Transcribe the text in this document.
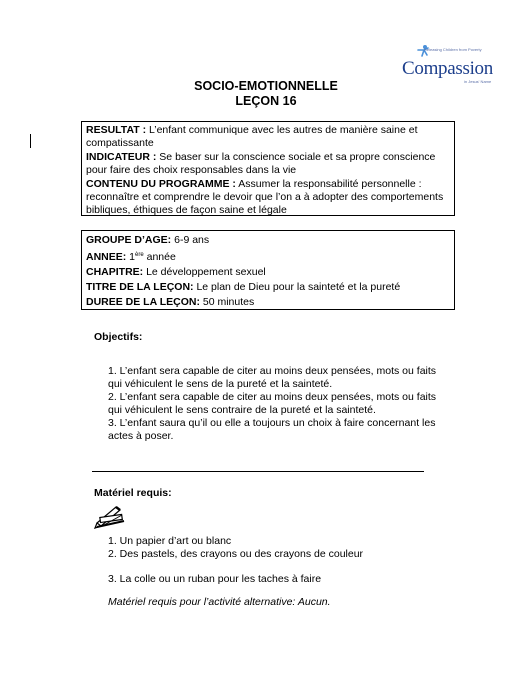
Releasing Children from Poverty
Compassion
in Jesus' Name
SOCIO-EMOTIONNELLE
LEÇON 16

RESULTAT : L’enfant communique avec les autres de manière saine et compatissante

INDICATEUR : Se baser sur la conscience sociale et sa propre conscience pour faire des choix responsables dans la vie

CONTENU DU PROGRAMME : Assumer la responsabilité personnelle : reconnaître et comprendre le devoir que l’on a à adopter des comportements bibliques, éthiques de façon saine et légale

GROUPE D’AGE: 6-9 ans

ANNEE: 1ère année

CHAPITRE: Le développement sexuel

TITRE DE LA LEÇON: Le plan de Dieu pour la sainteté et la pureté

DUREE DE LA LEÇON: 50 minutes

Objectifs:

1. L’enfant sera capable de citer au moins deux pensées, mots ou faits qui véhiculent le sens de la pureté et la sainteté.

2. L’enfant sera capable de citer au moins deux pensées, mots ou faits qui véhiculent le sens contraire de la pureté et la sainteté.

3. L’enfant saura qu’il ou elle a toujours un choix à faire concernant les actes à poser.

Matériel requis:

1. Un papier d’art ou blanc

2. Des pastels, des crayons ou des crayons de couleur

3. La colle ou un ruban pour les taches à faire

Matériel requis pour l’activité alternative: Aucun.
